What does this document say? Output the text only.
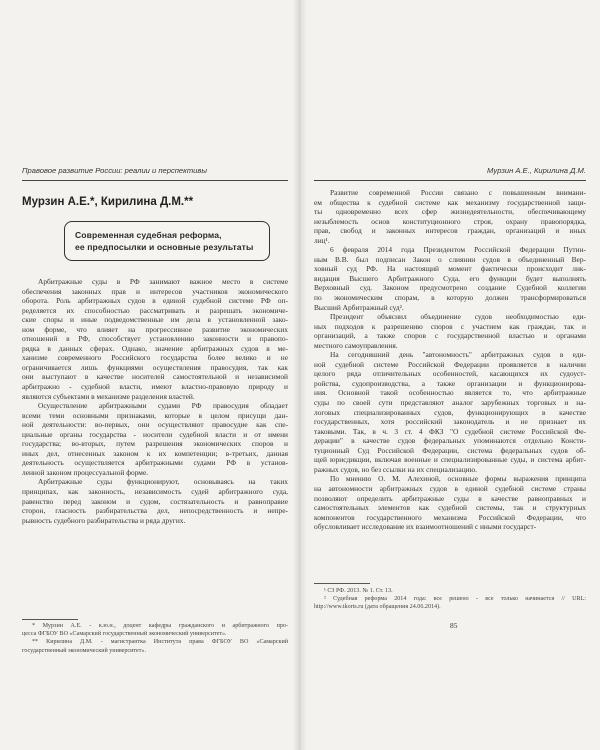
Правовое развитие России: реалии и перспективы
Мурзин А.Е.*, Кирилина Д.М.**
Современная судебная реформа,
ее предпосылки и основные результаты

Арбитражные суды в РФ занимают важное место в системе

обеспечения законных прав и интересов участников экономического

оборота. Роль арбитражных судов в единой судебной системе РФ оп-

ределяется их способностью рассматривать и разрешать экономиче-

ские споры и иные подведомственные им дела в установленной зако-

ном форме, что влияет на прогрессивное развитие экономических

отношений в РФ, способствует установлению законности и правопо-

рядка в данных сферах. Однако, значение арбитражных судов в ме-

ханизме современного Российского государства более велико и не

ограничивается лишь функциями осуществления правосудия, так как

они выступают в качестве носителей самостоятельной и независимой

арбитражно - судебной власти, имеют властно-правовую природу и

являются субъектами в механизме разделения властей.

Осуществление арбитражными судами РФ правосудия обладает

всеми теми основными признаками, которые в целом присущи дан-

ной деятельности: во-первых, они осуществляют правосудие как спе-

циальные органы государства - носители судебной власти и от имени

государства; во-вторых, путем разрешения экономических споров и

иных дел, отнесенных законом к их компетенции; в-третьих, данная

деятельность осуществляется арбитражными судами РФ в установ-

ленной законом процессуальной форме.

Арбитражные суды функционируют, основываясь на таких

принципах, как законность, независимость судей арбитражного суда,

равенство перед законом и судом, состязательность и равноправие

сторон, гласность разбирательства дел, непосредственность и непре-

рывность судебного разбирательства и ряда других.

* Мурзин А.Е. - к.ю.н., доцент кафедры гражданского и арбитражного про-

цесса ФГБОУ ВО «Самарский государственный экономический университет».

** Кирилина Д.М. - магистрантка Института права ФГБОУ ВО «Самарский

государственный экономический университет».

Мурзин А.Е., Кирилина Д.М.

Развитие современной России связано с повышенным внимани-

ем общества к судебной системе как механизму государственной защи-

ты одновременно всех сфер жизнедеятельности, обеспечивающему

незыблемость основ конституционного строя, охрану правопорядка,

прав, свобод и законных интересов граждан, организаций и иных

лиц¹.

6 февраля 2014 года Президентом Российской Федерации Путин-

ным В.В. был подписан Закон о слиянии судов в объединенный Вер-

ховный суд РФ. На настоящий момент фактически происходит лик-

видация Высшего Арбитражного Суда, его функции будет выполнять

Верховный суд. Законом предусмотрено создание Судебной коллегии

по экономическим спорам, в которую должен трансформироваться

Высший Арбитражный суд².

Президент объяснил объединение судов необходимостью еди-

ных подходов к разрешению споров с участием как граждан, так и

организаций, а также споров с государственной властью и органами

местного самоуправления.

На сегодняшний день "автономность" арбитражных судов в еди-

ной судебной системе Российской Федерации проявляется в наличии

целого ряда отличительных особенностей, касающихся их судоуст-

ройства, судопроизводства, а также организации и функционирова-

ния. Основной такой особенностью является то, что арбитражные

суды по своей сути представляют аналог зарубежных торговых и на-

логовых специализированных судов, функционирующих в качестве

государственных, хотя российский законодатель и не признает их

таковыми. Так, в ч. 3 ст. 4 ФКЗ "О судебной системе Российской Фе-

дерации" в качестве судов федеральных упоминаются отдельно Консти-

туционный Суд Российской Федерации, система федеральных судов об-

щей юрисдикции, включая военные и специализированные суды, и система арбит-

ражных судов, но без ссылки на их специализацию.

По мнению О. М. Алехиной, основные формы выражения принципа

на автономности арбитражных судов в единой судебной системе страны

позволяют определить арбитражные суды в качестве равноправных и

самостоятельных элементов как судебной системы, так и структурных

компонентов государственного механизма Российской Федерации, что

обусловливает исследование их взаимоотношений с иными государст-

¹ СЗ РФ. 2013. № 1. Ст. 13.

² Судебная реформа 2014 года: все решено - все только начинается // URL:

http://www.tkorts.ru (дата обращения 24.06.2014).

85
